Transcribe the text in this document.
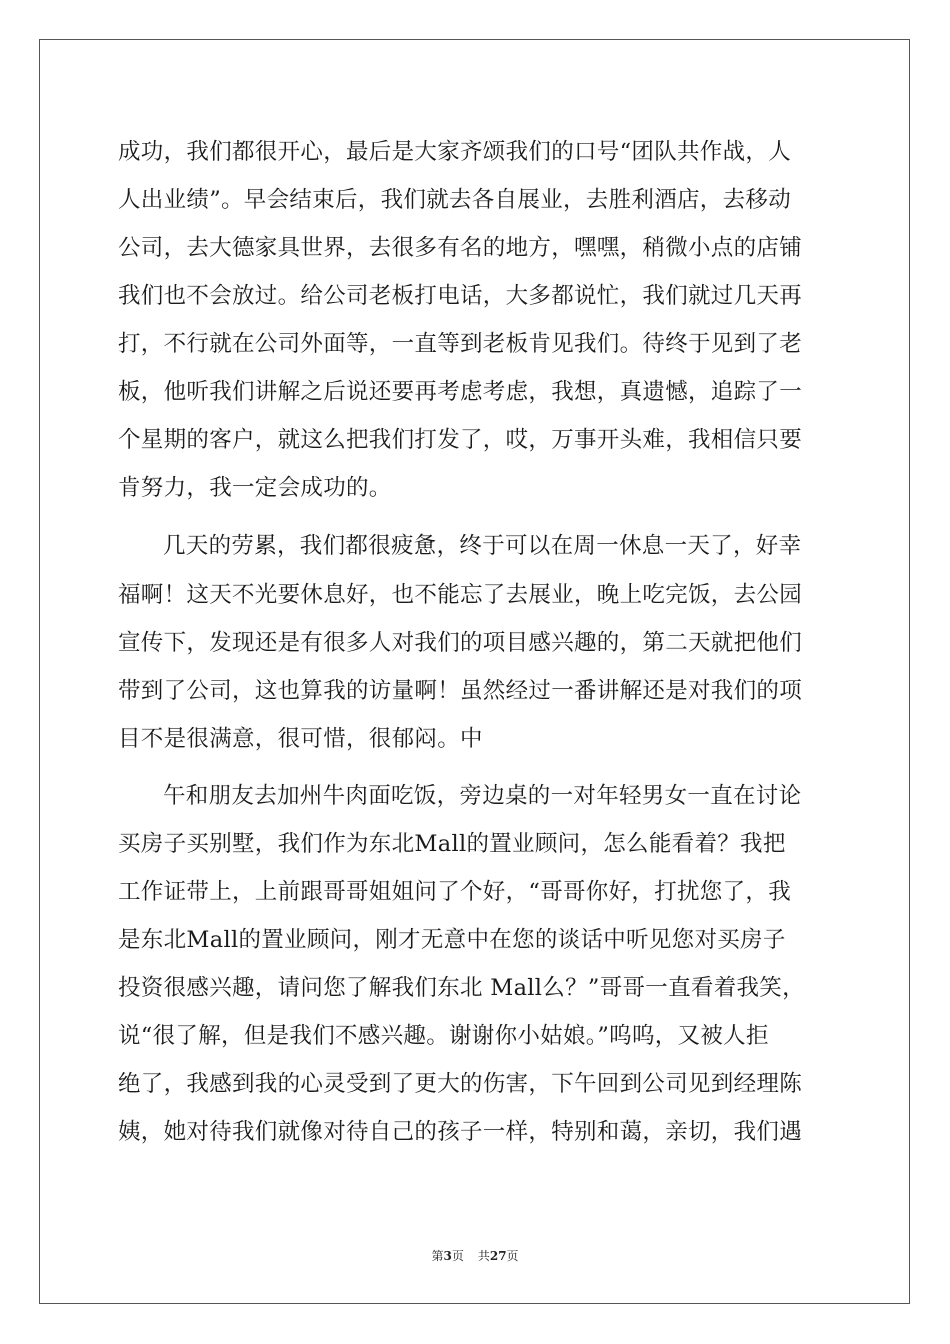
成功，我们都很开心，最后是大家齐颂我们的口号“团队共作战，人
人出业绩”。早会结束后，我们就去各自展业，去胜利酒店，去移动
公司，去大德家具世界，去很多有名的地方，嘿嘿，稍微小点的店铺
我们也不会放过。给公司老板打电话，大多都说忙，我们就过几天再
打，不行就在公司外面等，一直等到老板肯见我们。待终于见到了老
板，他听我们讲解之后说还要再考虑考虑，我想，真遗憾，追踪了一
个星期的客户，就这么把我们打发了，哎，万事开头难，我相信只要
肯努力，我一定会成功的。
几天的劳累，我们都很疲惫，终于可以在周一休息一天了，好幸
福啊！这天不光要休息好，也不能忘了去展业，晚上吃完饭，去公园
宣传下，发现还是有很多人对我们的项目感兴趣的，第二天就把他们
带到了公司，这也算我的访量啊！虽然经过一番讲解还是对我们的项
目不是很满意，很可惜，很郁闷。中
午和朋友去加州牛肉面吃饭，旁边桌的一对年轻男女一直在讨论
买房子买别墅，我们作为东北Mall的置业顾问，怎么能看着？我把
工作证带上，上前跟哥哥姐姐问了个好，“哥哥你好，打扰您了，我
是东北Mall的置业顾问，刚才无意中在您的谈话中听见您对买房子
投资很感兴趣，请问您了解我们东北 Mall么？”哥哥一直看着我笑，
说“很了解，但是我们不感兴趣。谢谢你小姑娘。”呜呜，又被人拒
绝了，我感到我的心灵受到了更大的伤害，下午回到公司见到经理陈
姨，她对待我们就像对待自己的孩子一样，特别和蔼，亲切，我们遇
第3页 共27页
